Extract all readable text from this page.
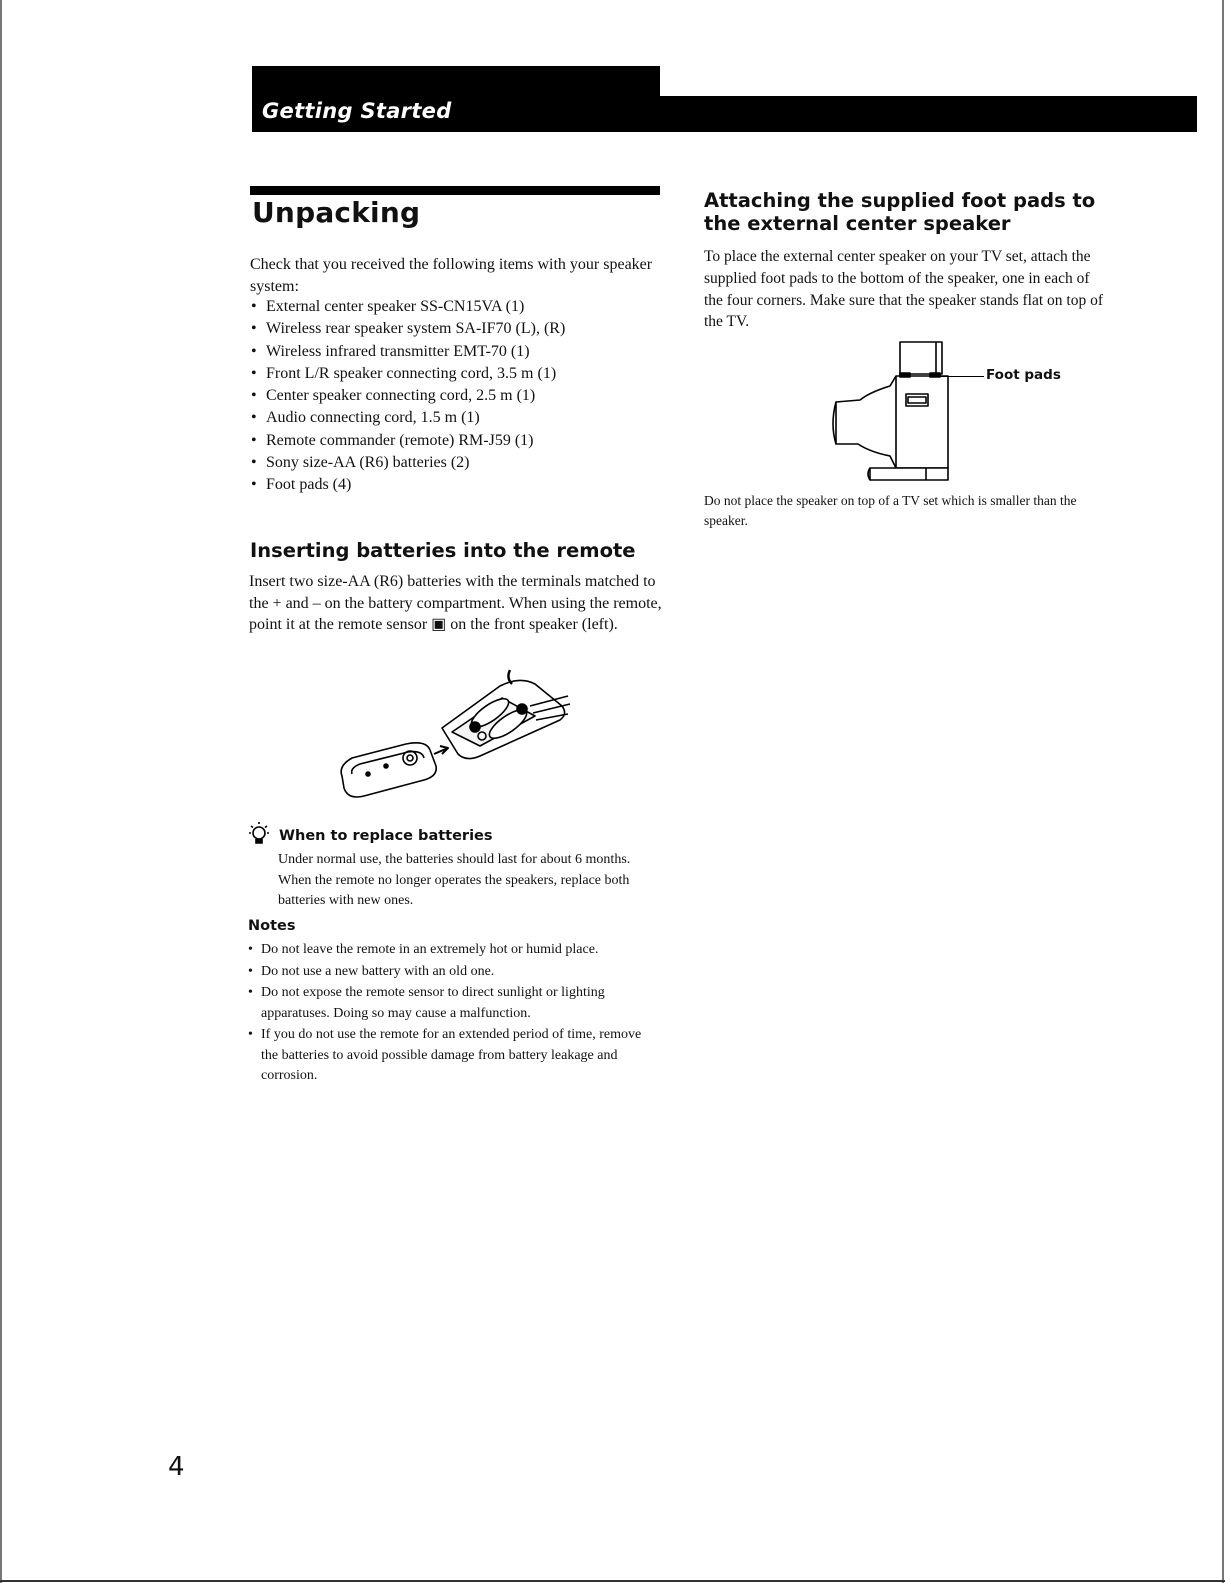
Getting Started
Unpacking

Check that you received the following items with your speaker system:

• External center speaker SS-CN15VA (1)
• Wireless rear speaker system SA-IF70 (L), (R)
• Wireless infrared transmitter EMT-70 (1)
• Front L/R speaker connecting cord, 3.5 m (1)
• Center speaker connecting cord, 2.5 m (1)
• Audio connecting cord, 1.5 m (1)
• Remote commander (remote) RM-J59 (1)
• Sony size-AA (R6) batteries (2)
• Foot pads (4)
Inserting batteries into the remote

Insert two size-AA (R6) batteries with the terminals matched to the + and – on the battery compartment. When using the remote, point it at the remote sensor ▣ on the front speaker (left).

When to replace batteries

Under normal use, the batteries should last for about 6 months. When the remote no longer operates the speakers, replace both batteries with new ones.

Notes
• Do not leave the remote in an extremely hot or humid place.
• Do not use a new battery with an old one.
• Do not expose the remote sensor to direct sunlight or lighting apparatuses. Doing so may cause a malfunction.
• If you do not use the remote for an extended period of time, remove the batteries to avoid possible damage from battery leakage and corrosion.
Attaching the supplied foot pads to the external center speaker

To place the external center speaker on your TV set, attach the supplied foot pads to the bottom of the speaker, one in each of the four corners. Make sure that the speaker stands flat on top of the TV.

Foot pads

Do not place the speaker on top of a TV set which is smaller than the speaker.

4
